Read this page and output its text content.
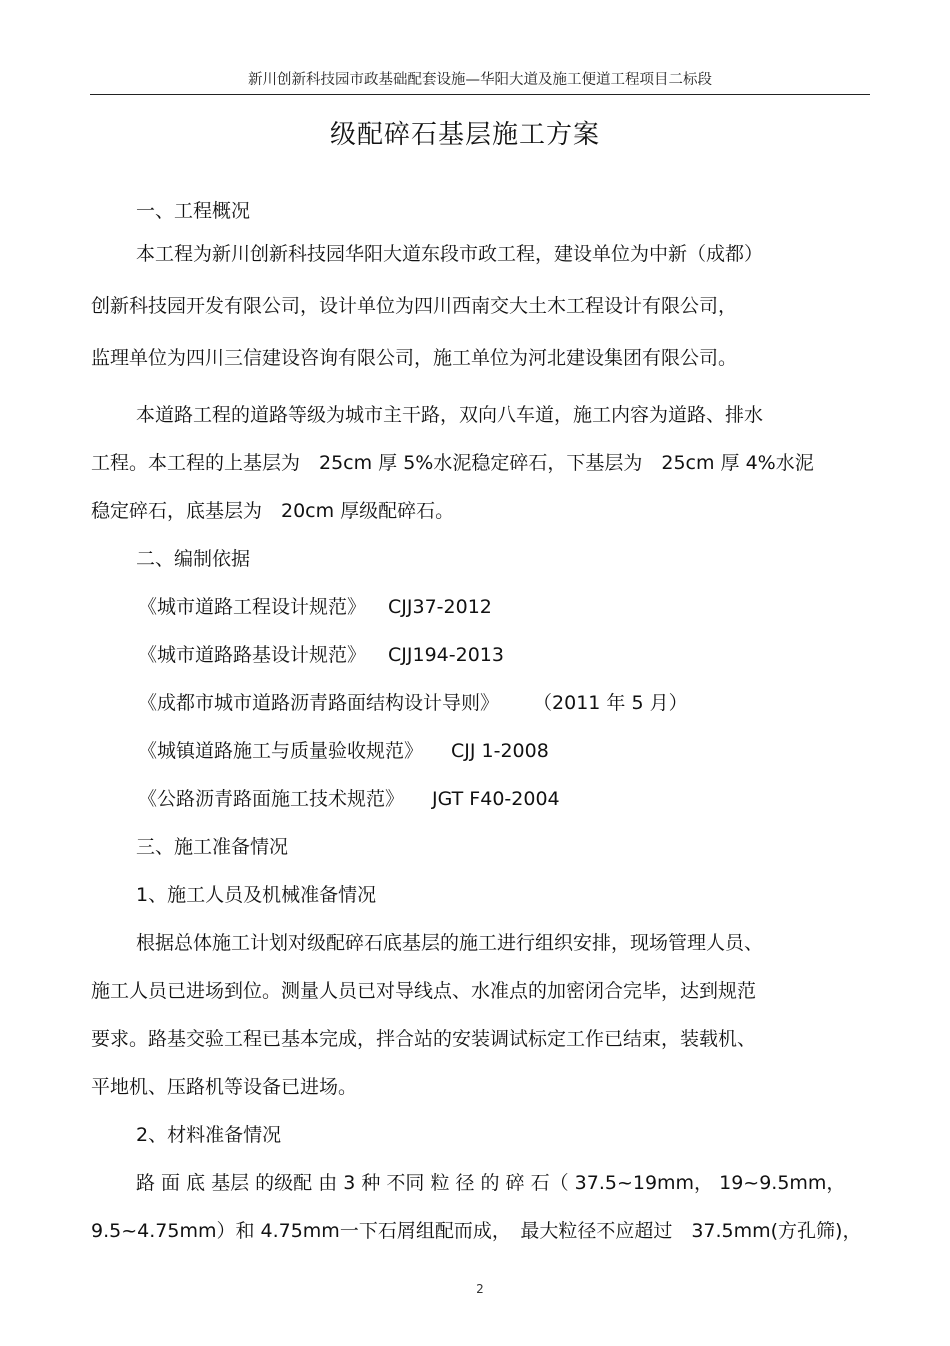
新川创新科技园市政基础配套设施—华阳大道及施工便道工程项目二标段
级配碎石基层施工方案
一、工程概况
本工程为新川创新科技园华阳大道东段市政工程，建设单位为中新（成都）
创新科技园开发有限公司，设计单位为四川西南交大土木工程设计有限公司，
监理单位为四川三信建设咨询有限公司，施工单位为河北建设集团有限公司。
本道路工程的道路等级为城市主干路，双向八车道，施工内容为道路、排水
工程。本工程的上基层为　25cm 厚 5%水泥稳定碎石，下基层为　25cm 厚 4%水泥
稳定碎石，底基层为　20cm 厚级配碎石。
二、编制依据
《城市道路工程设计规范》 CJJ37-2012
《城市道路路基设计规范》 CJJ194-2013
《成都市城市道路沥青路面结构设计导则》 （2011 年 5 月）
《城镇道路施工与质量验收规范》 CJJ 1-2008
《公路沥青路面施工技术规范》 JGT F40-2004
三、施工准备情况
1、施工人员及机械准备情况
根据总体施工计划对级配碎石底基层的施工进行组织安排，现场管理人员、
施工人员已进场到位。测量人员已对导线点、水准点的加密闭合完毕，达到规范
要求。路基交验工程已基本完成，拌合站的安装调试标定工作已结束，装载机、
平地机、压路机等设备已进场。
2、材料准备情况
路 面 底 基层 的级配 由 3 种 不同 粒 径 的 碎 石（ 37.5~19mm， 19~9.5mm，
9.5~4.75mm）和 4.75mm一下石屑组配而成，　最大粒径不应超过　37.5mm(方孔筛)，
2
